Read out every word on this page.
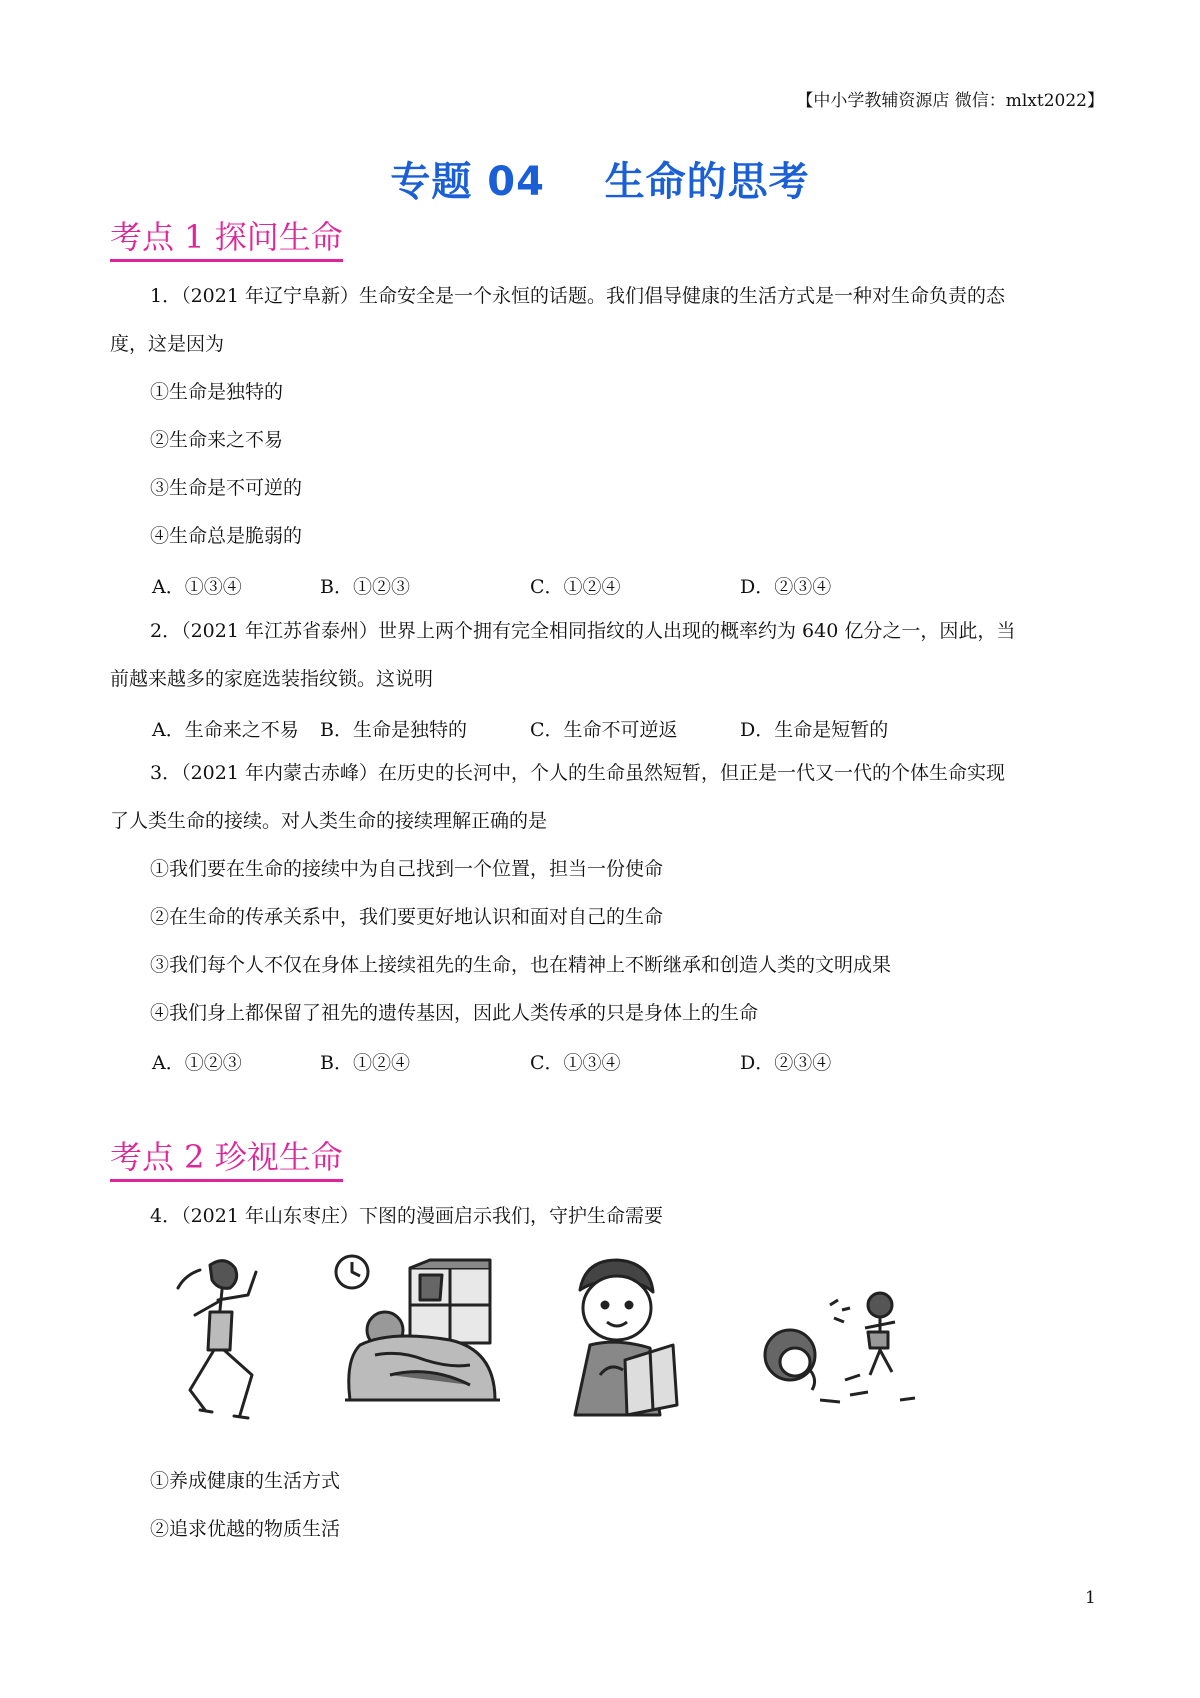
【中小学教辅资源店 微信：mlxt2022】
专题 04    生命的思考
考点 1 探问生命
1．（2021 年辽宁阜新）生命安全是一个永恒的话题。我们倡导健康的生活方式是一种对生命负责的态
度，这是因为
①生命是独特的
②生命来之不易
③生命是不可逆的
④生命总是脆弱的
A．①③④	B．①②③	C．①②④	D．②③④
2．（2021 年江苏省泰州）世界上两个拥有完全相同指纹的人出现的概率约为 640 亿分之一，因此，当
前越来越多的家庭选装指纹锁。这说明
A．生命来之不易 B．生命是独特的	C．生命不可逆返	D．生命是短暂的
3．（2021 年内蒙古赤峰）在历史的长河中，个人的生命虽然短暂，但正是一代又一代的个体生命实现
了人类生命的接续。对人类生命的接续理解正确的是
①我们要在生命的接续中为自己找到一个位置，担当一份使命
②在生命的传承关系中，我们要更好地认识和面对自己的生命
③我们每个人不仅在身体上接续祖先的生命，也在精神上不断继承和创造人类的文明成果
④我们身上都保留了祖先的遗传基因，因此人类传承的只是身体上的生命
A．①②③	B．①②④	C．①③④	D．②③④
考点 2 珍视生命
4．（2021 年山东枣庄）下图的漫画启示我们，守护生命需要
①养成健康的生活方式
②追求优越的物质生活
1
